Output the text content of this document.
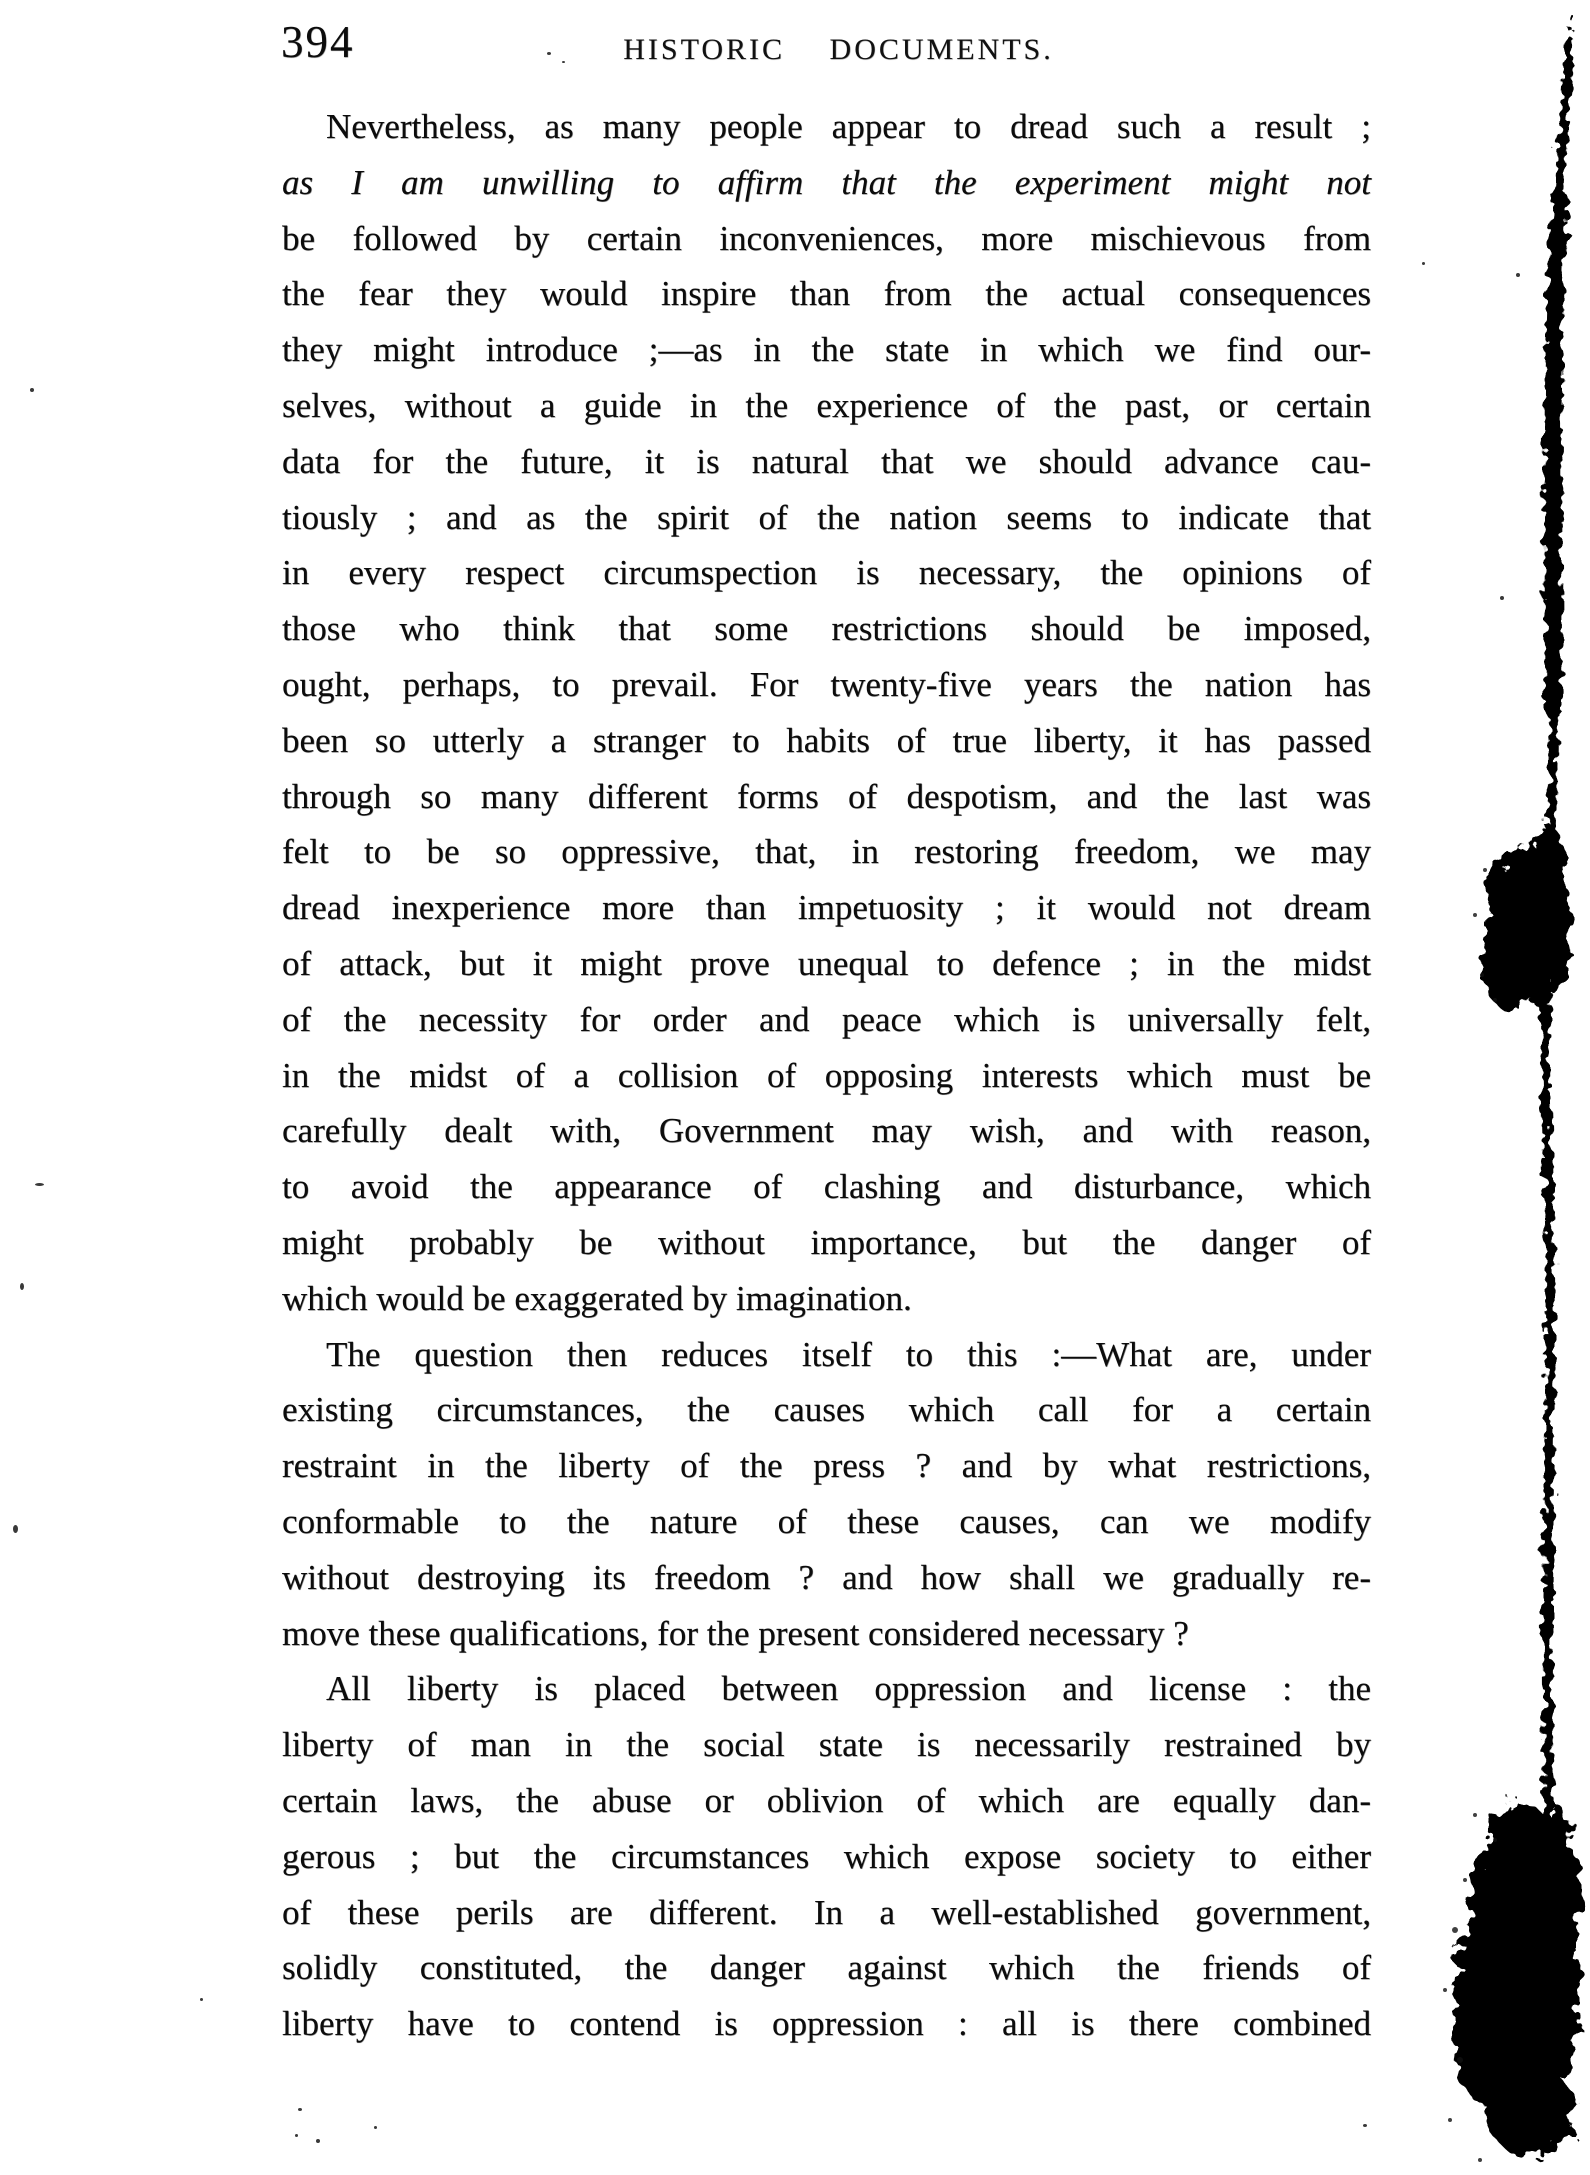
394	HISTORIC DOCUMENTS.
Nevertheless, as many people appear to dread such a result ;
as I am unwilling to affirm that the experiment might not
be followed by certain inconveniences, more mischievous from
the fear they would inspire than from the actual consequences
they might introduce ;—as in the state in which we find our-
selves, without a guide in the experience of the past, or certain
data for the future, it is natural that we should advance cau-
tiously ; and as the spirit of the nation seems to indicate that
in every respect circumspection is necessary, the opinions of
those who think that some restrictions should be imposed,
ought, perhaps, to prevail. For twenty-five years the nation has
been so utterly a stranger to habits of true liberty, it has passed
through so many different forms of despotism, and the last was
felt to be so oppressive, that, in restoring freedom, we may
dread inexperience more than impetuosity ; it would not dream
of attack, but it might prove unequal to defence ; in the midst
of the necessity for order and peace which is universally felt,
in the midst of a collision of opposing interests which must be
carefully dealt with, Government may wish, and with reason,
to avoid the appearance of clashing and disturbance, which
might probably be without importance, but the danger of
which would be exaggerated by imagination.
The question then reduces itself to this :—What are, under
existing circumstances, the causes which call for a certain
restraint in the liberty of the press ? and by what restrictions,
conformable to the nature of these causes, can we modify
without destroying its freedom ? and how shall we gradually re-
move these qualifications, for the present considered necessary ?
All liberty is placed between oppression and license : the
liberty of man in the social state is necessarily restrained by
certain laws, the abuse or oblivion of which are equally dan-
gerous ; but the circumstances which expose society to either
of these perils are different. In a well-established government,
solidly constituted, the danger against which the friends of
liberty have to contend is oppression : all is there combined
